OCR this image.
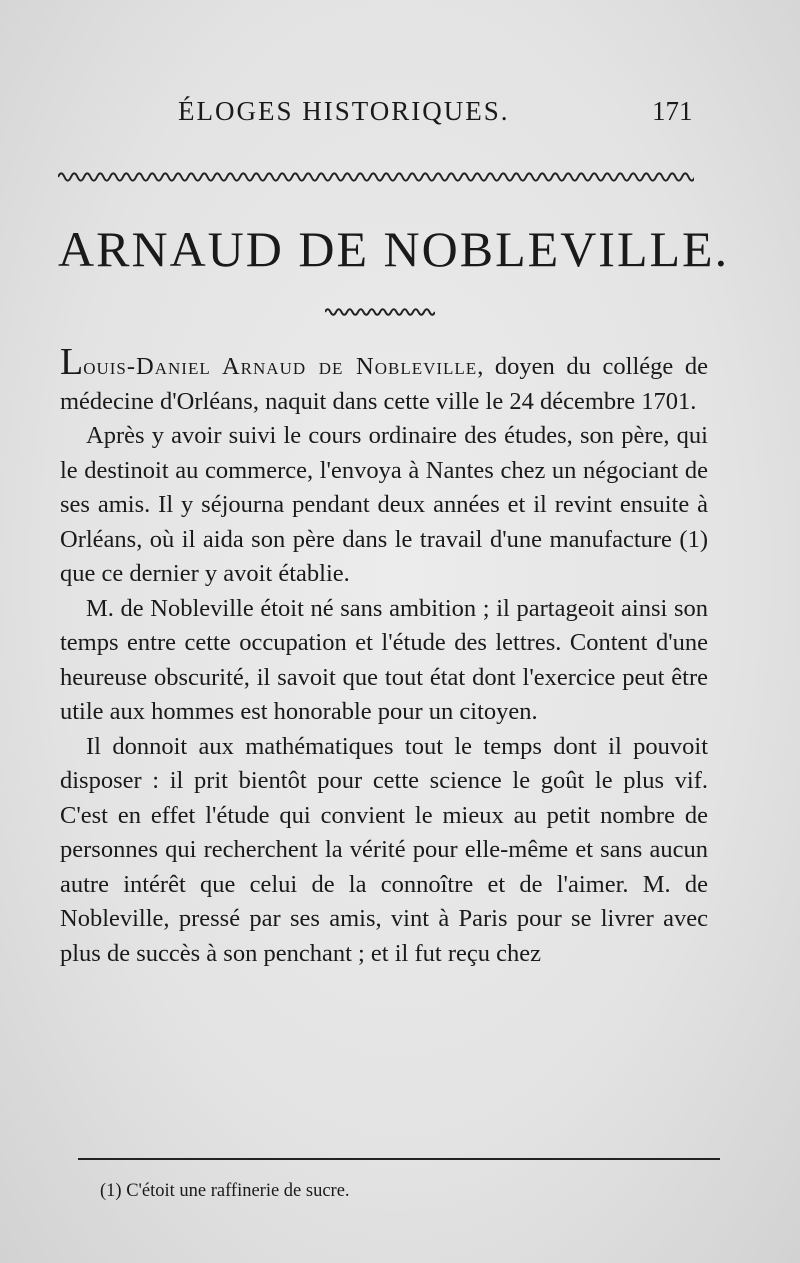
ÉLOGES HISTORIQUES.	171
ARNAUD DE NOBLEVILLE.

Louis-Daniel Arnaud de Nobleville, doyen du collége de médecine d'Orléans, naquit dans cette ville le 24 décembre 1701.

Après y avoir suivi le cours ordinaire des études, son père, qui le destinoit au commerce, l'envoya à Nantes chez un négociant de ses amis. Il y séjourna pendant deux années et il revint ensuite à Orléans, où il aida son père dans le travail d'une manufacture (1) que ce dernier y avoit établie.

M. de Nobleville étoit né sans ambition ; il partageoit ainsi son temps entre cette occupation et l'étude des lettres. Content d'une heureuse obscurité, il savoit que tout état dont l'exercice peut être utile aux hommes est honorable pour un citoyen.

Il donnoit aux mathématiques tout le temps dont il pouvoit disposer : il prit bientôt pour cette science le goût le plus vif. C'est en effet l'étude qui convient le mieux au petit nombre de personnes qui recherchent la vérité pour elle-même et sans aucun autre intérêt que celui de la connoître et de l'aimer. M. de Nobleville, pressé par ses amis, vint à Paris pour se livrer avec plus de succès à son penchant ; et il fut reçu chez

(1) C'étoit une raffinerie de sucre.
